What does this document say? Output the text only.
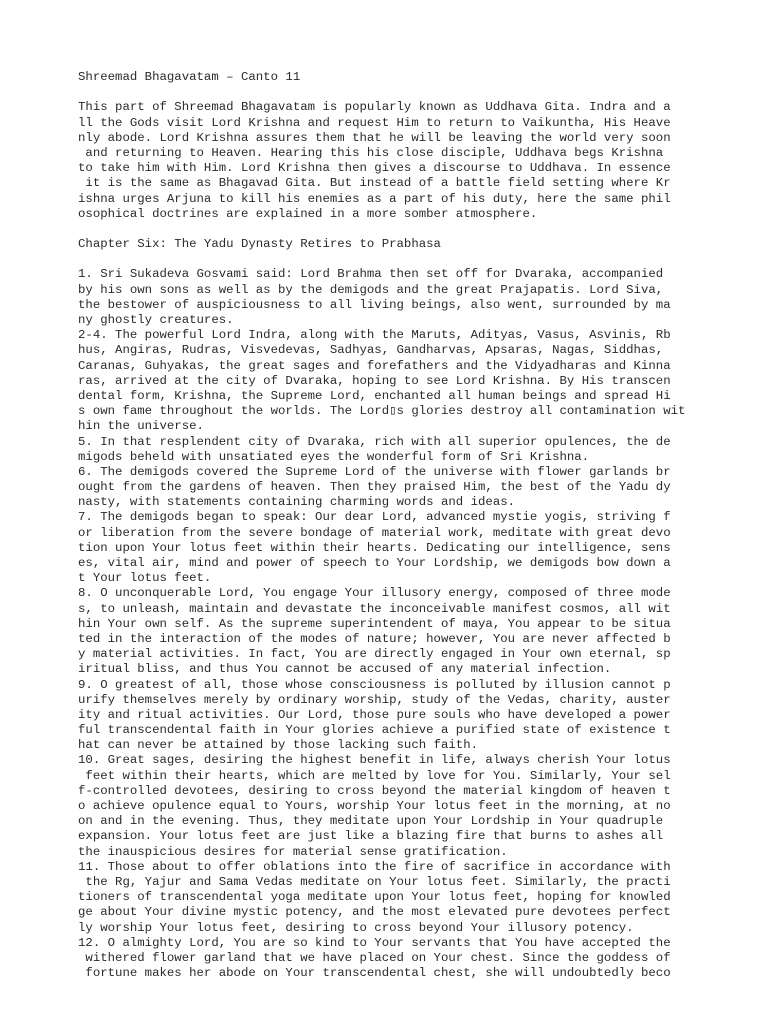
Shreemad Bhagavatam – Canto 11
This part of Shreemad Bhagavatam is popularly known as Uddhava Gita. Indra and a
ll the Gods visit Lord Krishna and request Him to return to Vaikuntha, His Heave
nly abode. Lord Krishna assures them that he will be leaving the world very soon
and returning to Heaven. Hearing this his close disciple, Uddhava begs Krishna
to take him with Him. Lord Krishna then gives a discourse to Uddhava. In essence
it is the same as Bhagavad Gita. But instead of a battle field setting where Kr
ishna urges Arjuna to kill his enemies as a part of his duty, here the same phil
osophical doctrines are explained in a more somber atmosphere.
Chapter Six: The Yadu Dynasty Retires to Prabhasa
1. Sri Sukadeva Gosvami said: Lord Brahma then set off for Dvaraka, accompanied
by his own sons as well as by the demigods and the great Prajapatis. Lord Siva,
the bestower of auspiciousness to all living beings, also went, surrounded by ma
ny ghostly creatures.
2-4. The powerful Lord Indra, along with the Maruts, Adityas, Vasus, Asvinis, Rb
hus, Angiras, Rudras, Visvedevas, Sadhyas, Gandharvas, Apsaras, Nagas, Siddhas,
Caranas, Guhyakas, the great sages and forefathers and the Vidyadharas and Kinna
ras, arrived at the city of Dvaraka, hoping to see Lord Krishna. By His transcen
dental form, Krishna, the Supreme Lord, enchanted all human beings and spread Hi
s own fame throughout the worlds. The Lord▯s glories destroy all contamination wit
hin the universe.
5. In that resplendent city of Dvaraka, rich with all superior opulences, the de
migods beheld with unsatiated eyes the wonderful form of Sri Krishna.
6. The demigods covered the Supreme Lord of the universe with flower garlands br
ought from the gardens of heaven. Then they praised Him, the best of the Yadu dy
nasty, with statements containing charming words and ideas.
7. The demigods began to speak: Our dear Lord, advanced mystie yogis, striving f
or liberation from the severe bondage of material work, meditate with great devo
tion upon Your lotus feet within their hearts. Dedicating our intelligence, sens
es, vital air, mind and power of speech to Your Lordship, we demigods bow down a
t Your lotus feet.
8. O unconquerable Lord, You engage Your illusory energy, composed of three mode
s, to unleash, maintain and devastate the inconceivable manifest cosmos, all wit
hin Your own self. As the supreme superintendent of maya, You appear to be situa
ted in the interaction of the modes of nature; however, You are never affected b
y material activities. In fact, You are directly engaged in Your own eternal, sp
iritual bliss, and thus You cannot be accused of any material infection.
9. O greatest of all, those whose consciousness is polluted by illusion cannot p
urify themselves merely by ordinary worship, study of the Vedas, charity, auster
ity and ritual activities. Our Lord, those pure souls who have developed a power
ful transcendental faith in Your glories achieve a purified state of existence t
hat can never be attained by those lacking such faith.
10. Great sages, desiring the highest benefit in life, always cherish Your lotus
feet within their hearts, which are melted by love for You. Similarly, Your sel
f-controlled devotees, desiring to cross beyond the material kingdom of heaven t
o achieve opulence equal to Yours, worship Your lotus feet in the morning, at no
on and in the evening. Thus, they meditate upon Your Lordship in Your quadruple
expansion. Your lotus feet are just like a blazing fire that burns to ashes all
the inauspicious desires for material sense gratification.
11. Those about to offer oblations into the fire of sacrifice in accordance with
the Rg, Yajur and Sama Vedas meditate on Your lotus feet. Similarly, the practi
tioners of transcendental yoga meditate upon Your lotus feet, hoping for knowled
ge about Your divine mystic potency, and the most elevated pure devotees perfect
ly worship Your lotus feet, desiring to cross beyond Your illusory potency.
12. O almighty Lord, You are so kind to Your servants that You have accepted the
withered flower garland that we have placed on Your chest. Since the goddess of
fortune makes her abode on Your transcendental chest, she will undoubtedly beco
